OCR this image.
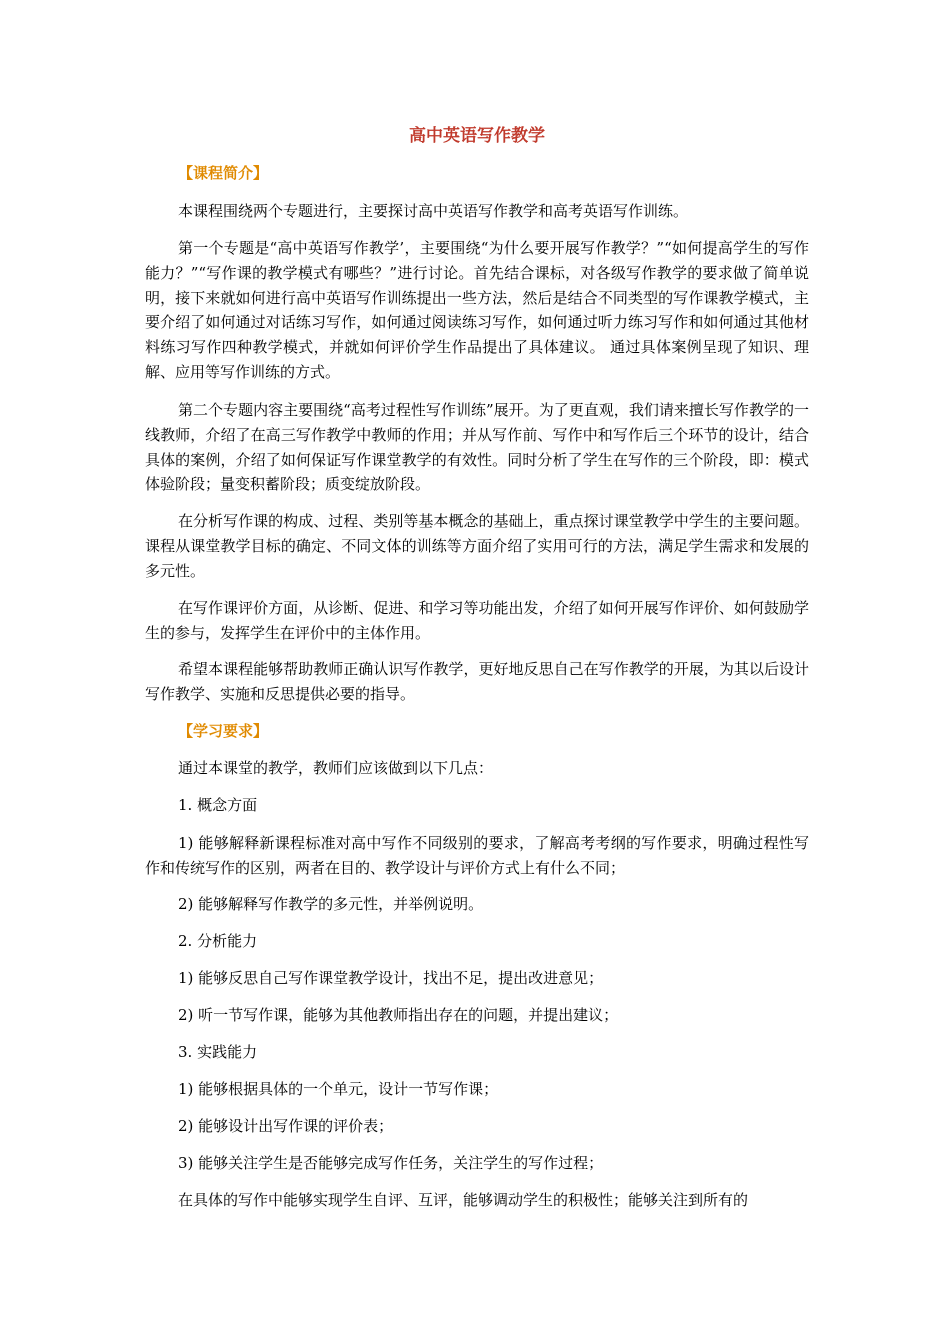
高中英语写作教学
【课程简介】

本课程围绕两个专题进行，主要探讨高中英语写作教学和高考英语写作训练。

第一个专题是“高中英语写作教学’，主要围绕“为什么要开展写作教学？”“如何提高学生的写作能力？”“写作课的教学模式有哪些？”进行讨论。首先结合课标，对各级写作教学的要求做了简单说明，接下来就如何进行高中英语写作训练提出一些方法，然后是结合不同类型的写作课教学模式，主要介绍了如何通过对话练习写作，如何通过阅读练习写作，如何通过听力练习写作和如何通过其他材料练习写作四种教学模式，并就如何评价学生作品提出了具体建议。 通过具体案例呈现了知识、理解、应用等写作训练的方式。

第二个专题内容主要围绕“高考过程性写作训练”展开。为了更直观，我们请来擅长写作教学的一线教师，介绍了在高三写作教学中教师的作用；并从写作前、写作中和写作后三个环节的设计，结合具体的案例，介绍了如何保证写作课堂教学的有效性。同时分析了学生在写作的三个阶段，即：模式体验阶段；量变积蓄阶段；质变绽放阶段。

在分析写作课的构成、过程、类别等基本概念的基础上，重点探讨课堂教学中学生的主要问题。课程从课堂教学目标的确定、不同文体的训练等方面介绍了实用可行的方法，满足学生需求和发展的多元性。

在写作课评价方面，从诊断、促进、和学习等功能出发，介绍了如何开展写作评价、如何鼓励学生的参与，发挥学生在评价中的主体作用。

希望本课程能够帮助教师正确认识写作教学，更好地反思自己在写作教学的开展，为其以后设计写作教学、实施和反思提供必要的指导。

【学习要求】
通过本课堂的教学，教师们应该做到以下几点：
1. 概念方面

1) 能够解释新课程标准对高中写作不同级别的要求，了解高考考纲的写作要求，明确过程性写作和传统写作的区别，两者在目的、教学设计与评价方式上有什么不同；

2) 能够解释写作教学的多元性，并举例说明。
2. 分析能力
1) 能够反思自己写作课堂教学设计，找出不足，提出改进意见；
2) 听一节写作课，能够为其他教师指出存在的问题，并提出建议；
3. 实践能力
1) 能够根据具体的一个单元，设计一节写作课；
2) 能够设计出写作课的评价表；
3) 能够关注学生是否能够完成写作任务，关注学生的写作过程；
在具体的写作中能够实现学生自评、互评，能够调动学生的积极性；能够关注到所有的
